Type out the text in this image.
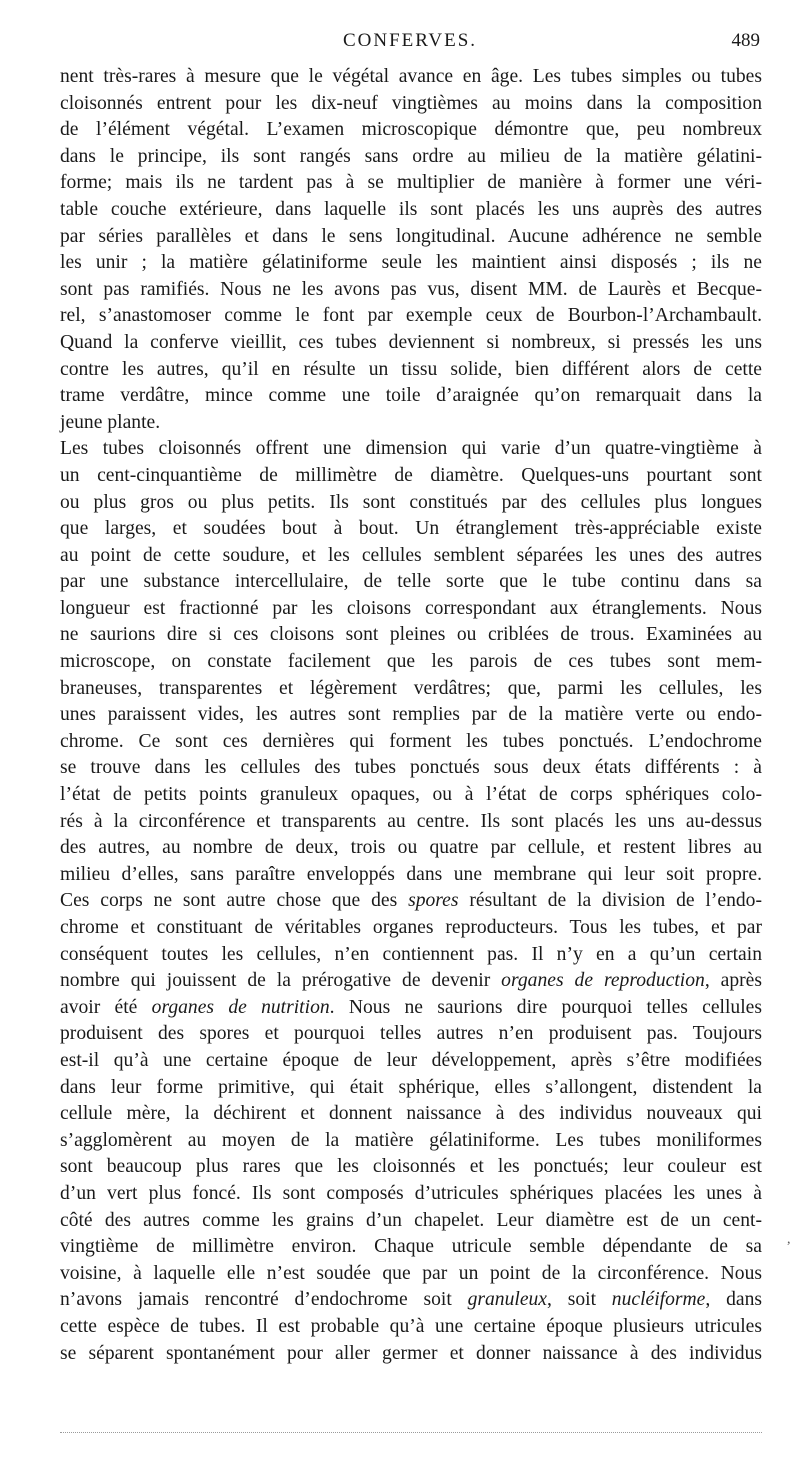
CONFERVES.	489
nent très-rares à mesure que le végétal avance en âge. Les tubes simples ou tubes
cloisonnés entrent pour les dix-neuf vingtièmes au moins dans la composition
de l’élément végétal. L’examen microscopique démontre que, peu nombreux
dans le principe, ils sont rangés sans ordre au milieu de la matière gélatini-
forme; mais ils ne tardent pas à se multiplier de manière à former une véri-
table couche extérieure, dans laquelle ils sont placés les uns auprès des autres
par séries parallèles et dans le sens longitudinal. Aucune adhérence ne semble
les unir ; la matière gélatiniforme seule les maintient ainsi disposés ; ils ne
sont pas ramifiés. Nous ne les avons pas vus, disent MM. de Laurès et Becque-
rel, s’anastomoser comme le font par exemple ceux de Bourbon-l’Archambault.
Quand la conferve vieillit, ces tubes deviennent si nombreux, si pressés les uns
contre les autres, qu’il en résulte un tissu solide, bien différent alors de cette
trame verdâtre, mince comme une toile d’araignée qu’on remarquait dans la
jeune plante.
Les tubes cloisonnés offrent une dimension qui varie d’un quatre-vingtième à
un cent-cinquantième de millimètre de diamètre. Quelques-uns pourtant sont
ou plus gros ou plus petits. Ils sont constitués par des cellules plus longues
que larges, et soudées bout à bout. Un étranglement très-appréciable existe
au point de cette soudure, et les cellules semblent séparées les unes des autres
par une substance intercellulaire, de telle sorte que le tube continu dans sa
longueur est fractionné par les cloisons correspondant aux étranglements. Nous
ne saurions dire si ces cloisons sont pleines ou criblées de trous. Examinées au
microscope, on constate facilement que les parois de ces tubes sont mem-
braneuses, transparentes et légèrement verdâtres; que, parmi les cellules, les
unes paraissent vides, les autres sont remplies par de la matière verte ou endo-
chrome. Ce sont ces dernières qui forment les tubes ponctués. L’endochrome
se trouve dans les cellules des tubes ponctués sous deux états différents : à
l’état de petits points granuleux opaques, ou à l’état de corps sphériques colo-
rés à la circonférence et transparents au centre. Ils sont placés les uns au-dessus
des autres, au nombre de deux, trois ou quatre par cellule, et restent libres au
milieu d’elles, sans paraître enveloppés dans une membrane qui leur soit propre.
Ces corps ne sont autre chose que des spores résultant de la division de l’endo-
chrome et constituant de véritables organes reproducteurs. Tous les tubes, et par
conséquent toutes les cellules, n’en contiennent pas. Il n’y en a qu’un certain
nombre qui jouissent de la prérogative de devenir organes de reproduction, après
avoir été organes de nutrition. Nous ne saurions dire pourquoi telles cellules
produisent des spores et pourquoi telles autres n’en produisent pas. Toujours
est-il qu’à une certaine époque de leur développement, après s’être modifiées
dans leur forme primitive, qui était sphérique, elles s’allongent, distendent la
cellule mère, la déchirent et donnent naissance à des individus nouveaux qui
s’agglomèrent au moyen de la matière gélatiniforme. Les tubes moniliformes
sont beaucoup plus rares que les cloisonnés et les ponctués; leur couleur est
d’un vert plus foncé. Ils sont composés d’utricules sphériques placées les unes à
côté des autres comme les grains d’un chapelet. Leur diamètre est de un cent-
vingtième de millimètre environ. Chaque utricule semble dépendante de sa
voisine, à laquelle elle n’est soudée que par un point de la circonférence. Nous
n’avons jamais rencontré d’endochrome soit granuleux, soit nucléiforme, dans
cette espèce de tubes. Il est probable qu’à une certaine époque plusieurs utricules
se séparent spontanément pour aller germer et donner naissance à des individus
,
